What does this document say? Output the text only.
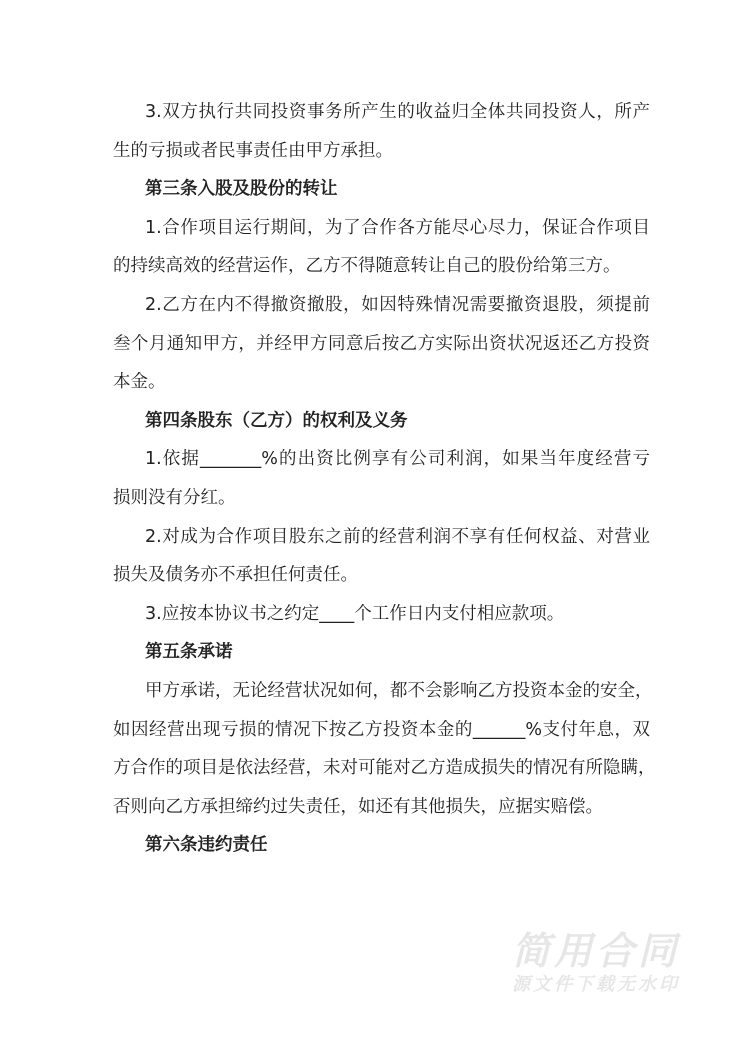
3.双方执行共同投资事务所产生的收益归全体共同投资人，所产
生的亏损或者民事责任由甲方承担。
第三条入股及股份的转让
1.合作项目运行期间，为了合作各方能尽心尽力，保证合作项目
的持续高效的经营运作，乙方不得随意转让自己的股份给第三方。
2.乙方在内不得撤资撤股，如因特殊情况需要撤资退股，须提前
叁个月通知甲方，并经甲方同意后按乙方实际出资状况返还乙方投资
本金。
第四条股东（乙方）的权利及义务
1.依据_______%的出资比例享有公司利润，如果当年度经营亏
损则没有分红。
2.对成为合作项目股东之前的经营利润不享有任何权益、对营业
损失及债务亦不承担任何责任。
3.应按本协议书之约定____个工作日内支付相应款项。
第五条承诺
甲方承诺，无论经营状况如何，都不会影响乙方投资本金的安全，
如因经营出现亏损的情况下按乙方投资本金的______%支付年息，双
方合作的项目是依法经营，未对可能对乙方造成损失的情况有所隐瞒，
否则向乙方承担缔约过失责任，如还有其他损失，应据实赔偿。
第六条违约责任
简用合同
源文件下载无水印
